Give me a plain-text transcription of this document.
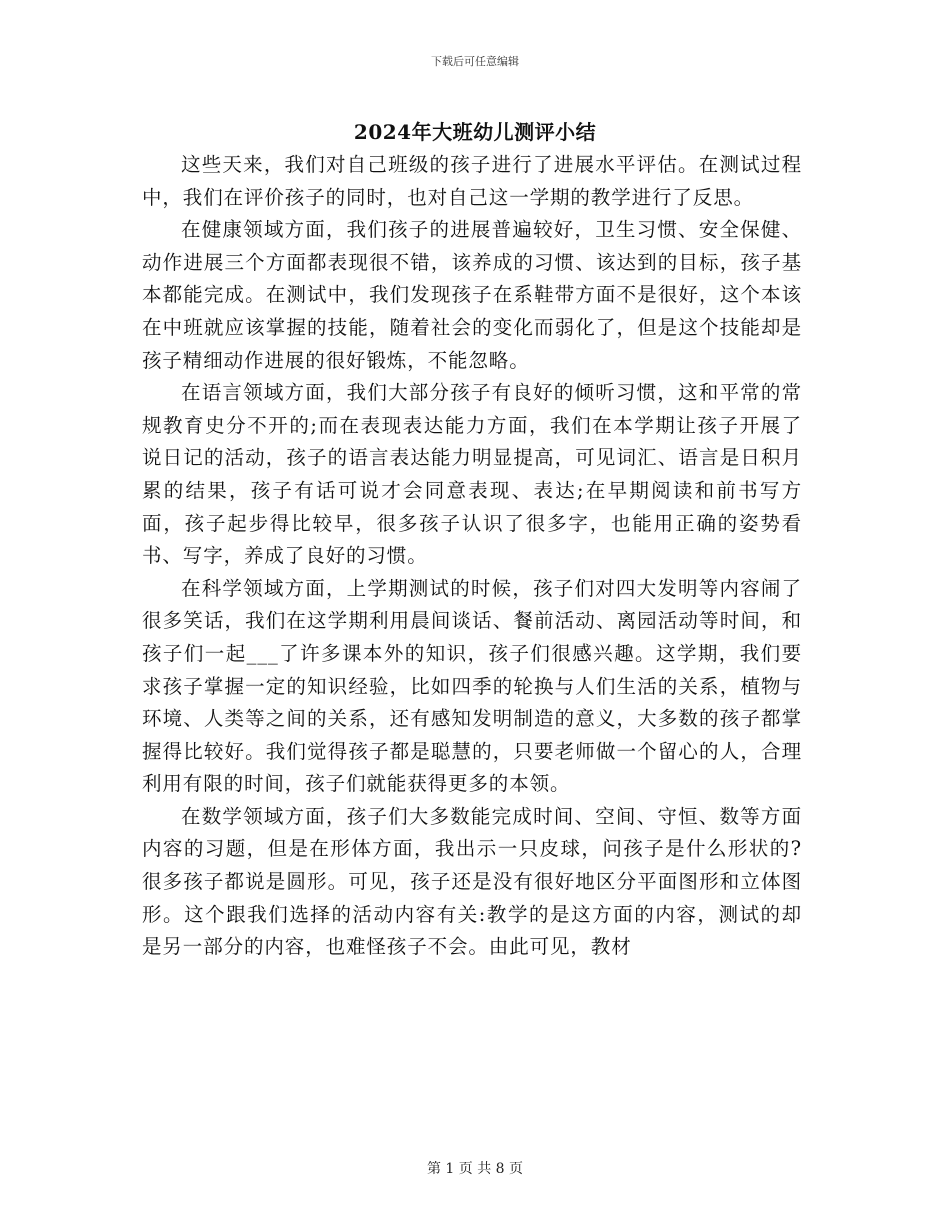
下载后可任意编辑
2024年大班幼儿测评小结

这些天来，我们对自己班级的孩子进行了进展水平评估。在测试过程中，我们在评价孩子的同时，也对自己这一学期的教学进行了反思。

在健康领域方面，我们孩子的进展普遍较好，卫生习惯、安全保健、动作进展三个方面都表现很不错，该养成的习惯、该达到的目标，孩子基本都能完成。在测试中，我们发现孩子在系鞋带方面不是很好，这个本该在中班就应该掌握的技能，随着社会的变化而弱化了，但是这个技能却是孩子精细动作进展的很好锻炼，不能忽略。

在语言领域方面，我们大部分孩子有良好的倾听习惯，这和平常的常规教育史分不开的;而在表现表达能力方面，我们在本学期让孩子开展了说日记的活动，孩子的语言表达能力明显提高，可见词汇、语言是日积月累的结果，孩子有话可说才会同意表现、表达;在早期阅读和前书写方面，孩子起步得比较早，很多孩子认识了很多字，也能用正确的姿势看书、写字，养成了良好的习惯。

在科学领域方面，上学期测试的时候，孩子们对四大发明等内容闹了很多笑话，我们在这学期利用晨间谈话、餐前活动、离园活动等时间，和孩子们一起___了许多课本外的知识，孩子们很感兴趣。这学期，我们要求孩子掌握一定的知识经验，比如四季的轮换与人们生活的关系，植物与环境、人类等之间的关系，还有感知发明制造的意义，大多数的孩子都掌握得比较好。我们觉得孩子都是聪慧的，只要老师做一个留心的人，合理利用有限的时间，孩子们就能获得更多的本领。

在数学领域方面，孩子们大多数能完成时间、空间、守恒、数等方面内容的习题，但是在形体方面，我出示一只皮球，问孩子是什么形状的?很多孩子都说是圆形。可见，孩子还是没有很好地区分平面图形和立体图形。这个跟我们选择的活动内容有关:教学的是这方面的内容，测试的却是另一部分的内容，也难怪孩子不会。由此可见，教材

第 1 页 共 8 页
